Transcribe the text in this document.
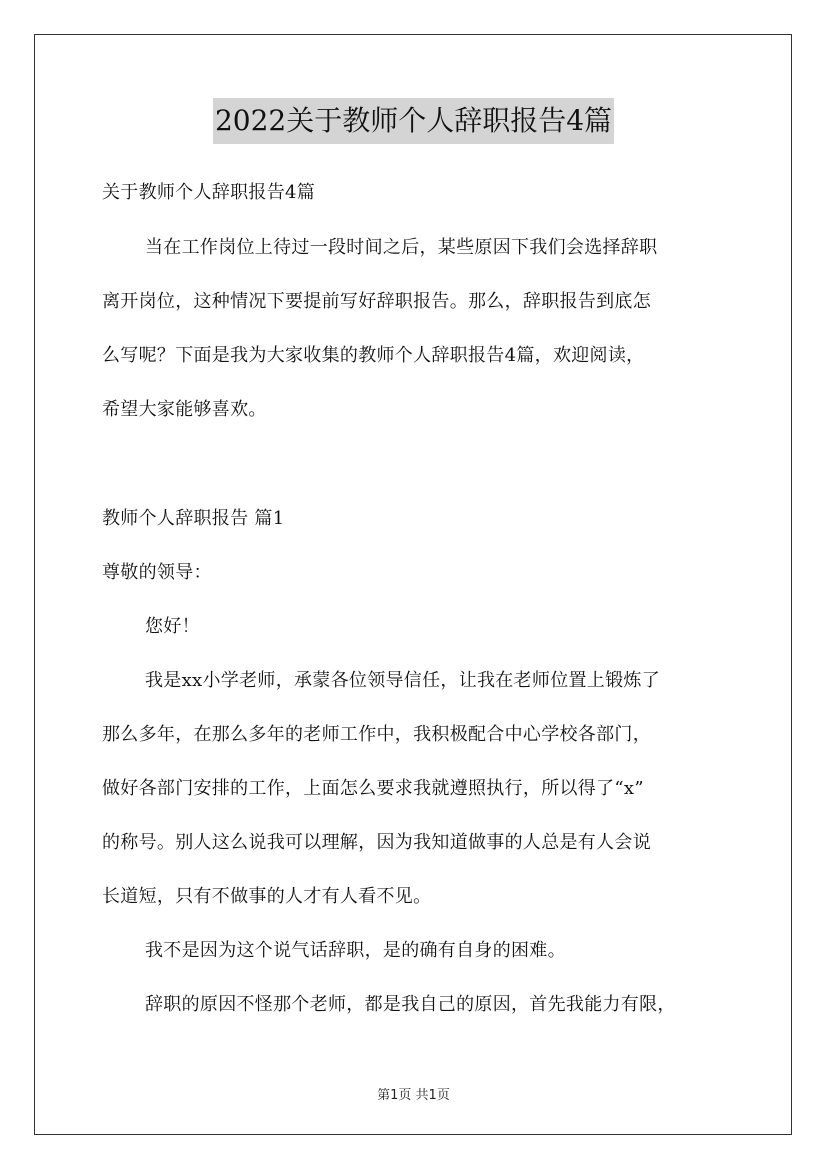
2022关于教师个人辞职报告4篇
关于教师个人辞职报告4篇
当在工作岗位上待过一段时间之后，某些原因下我们会选择辞职
离开岗位，这种情况下要提前写好辞职报告。那么，辞职报告到底怎
么写呢？下面是我为大家收集的教师个人辞职报告4篇，欢迎阅读，
希望大家能够喜欢。
教师个人辞职报告 篇1
尊敬的领导：
您好！
我是xx小学老师，承蒙各位领导信任，让我在老师位置上锻炼了
那么多年，在那么多年的老师工作中，我积极配合中心学校各部门，
做好各部门安排的工作，上面怎么要求我就遵照执行，所以得了“x”
的称号。别人这么说我可以理解，因为我知道做事的人总是有人会说
长道短，只有不做事的人才有人看不见。
我不是因为这个说气话辞职，是的确有自身的困难。
辞职的原因不怪那个老师，都是我自己的原因，首先我能力有限，
第1页 共1页
